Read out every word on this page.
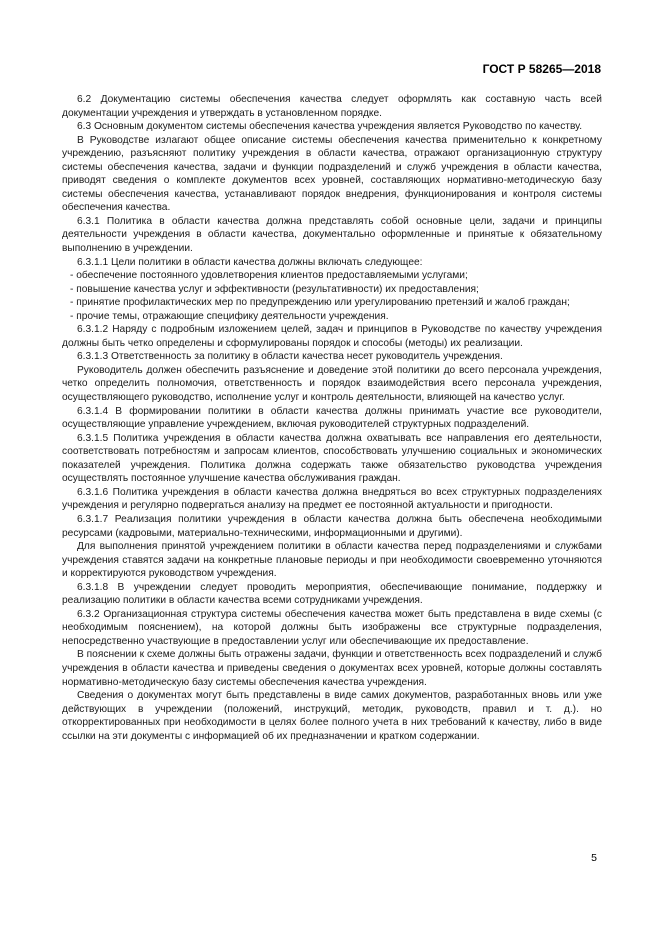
ГОСТ Р 58265—2018

6.2 Документацию системы обеспечения качества следует оформлять как составную часть всей документации учреждения и утверждать в установленном порядке.

6.3 Основным документом системы обеспечения качества учреждения является Руководство по качеству.

В Руководстве излагают общее описание системы обеспечения качества применительно к конкретному учреждению, разъясняют политику учреждения в области качества, отражают организационную структуру системы обеспечения качества, задачи и функции подразделений и служб учреждения в области качества, приводят сведения о комплекте документов всех уровней, составляющих нормативно-методическую базу системы обеспечения качества, устанавливают порядок внедрения, функционирования и контроля системы обеспечения качества.

6.3.1 Политика в области качества должна представлять собой основные цели, задачи и принципы деятельности учреждения в области качества, документально оформленные и принятые к обязательному выполнению в учреждении.

6.3.1.1 Цели политики в области качества должны включать следующее:

- обеспечение постоянного удовлетворения клиентов предоставляемыми услугами;

- повышение качества услуг и эффективности (результативности) их предоставления;

- принятие профилактических мер по предупреждению или урегулированию претензий и жалоб граждан;

- прочие темы, отражающие специфику деятельности учреждения.

6.3.1.2 Наряду с подробным изложением целей, задач и принципов в Руководстве по качеству учреждения должны быть четко определены и сформулированы порядок и способы (методы) их реализации.

6.3.1.3 Ответственность за политику в области качества несет руководитель учреждения.

Руководитель должен обеспечить разъяснение и доведение этой политики до всего персонала учреждения, четко определить полномочия, ответственность и порядок взаимодействия всего персонала учреждения, осуществляющего руководство, исполнение услуг и контроль деятельности, влияющей на качество услуг.

6.3.1.4 В формировании политики в области качества должны принимать участие все руководители, осуществляющие управление учреждением, включая руководителей структурных подразделений.

6.3.1.5 Политика учреждения в области качества должна охватывать все направления его деятельности, соответствовать потребностям и запросам клиентов, способствовать улучшению социальных и экономических показателей учреждения. Политика должна содержать также обязательство руководства учреждения осуществлять постоянное улучшение качества обслуживания граждан.

6.3.1.6 Политика учреждения в области качества должна внедряться во всех структурных подразделениях учреждения и регулярно подвергаться анализу на предмет ее постоянной актуальности и пригодности.

6.3.1.7 Реализация политики учреждения в области качества должна быть обеспечена необходимыми ресурсами (кадровыми, материально-техническими, информационными и другими).

Для выполнения принятой учреждением политики в области качества перед подразделениями и службами учреждения ставятся задачи на конкретные плановые периоды и при необходимости своевременно уточняются и корректируются руководством учреждения.

6.3.1.8 В учреждении следует проводить мероприятия, обеспечивающие понимание, поддержку и реализацию политики в области качества всеми сотрудниками учреждения.

6.3.2 Организационная структура системы обеспечения качества может быть представлена в виде схемы (с необходимым пояснением), на которой должны быть изображены все структурные подразделения, непосредственно участвующие в предоставлении услуг или обеспечивающие их предоставление.

В пояснении к схеме должны быть отражены задачи, функции и ответственность всех подразделений и служб учреждения в области качества и приведены сведения о документах всех уровней, которые должны составлять нормативно-методическую базу системы обеспечения качества учреждения.

Сведения о документах могут быть представлены в виде самих документов, разработанных вновь или уже действующих в учреждении (положений, инструкций, методик, руководств, правил и т. д.). но откорректированных при необходимости в целях более полного учета в них требований к качеству, либо в виде ссылки на эти документы с информацией об их предназначении и кратком содержании.

5
